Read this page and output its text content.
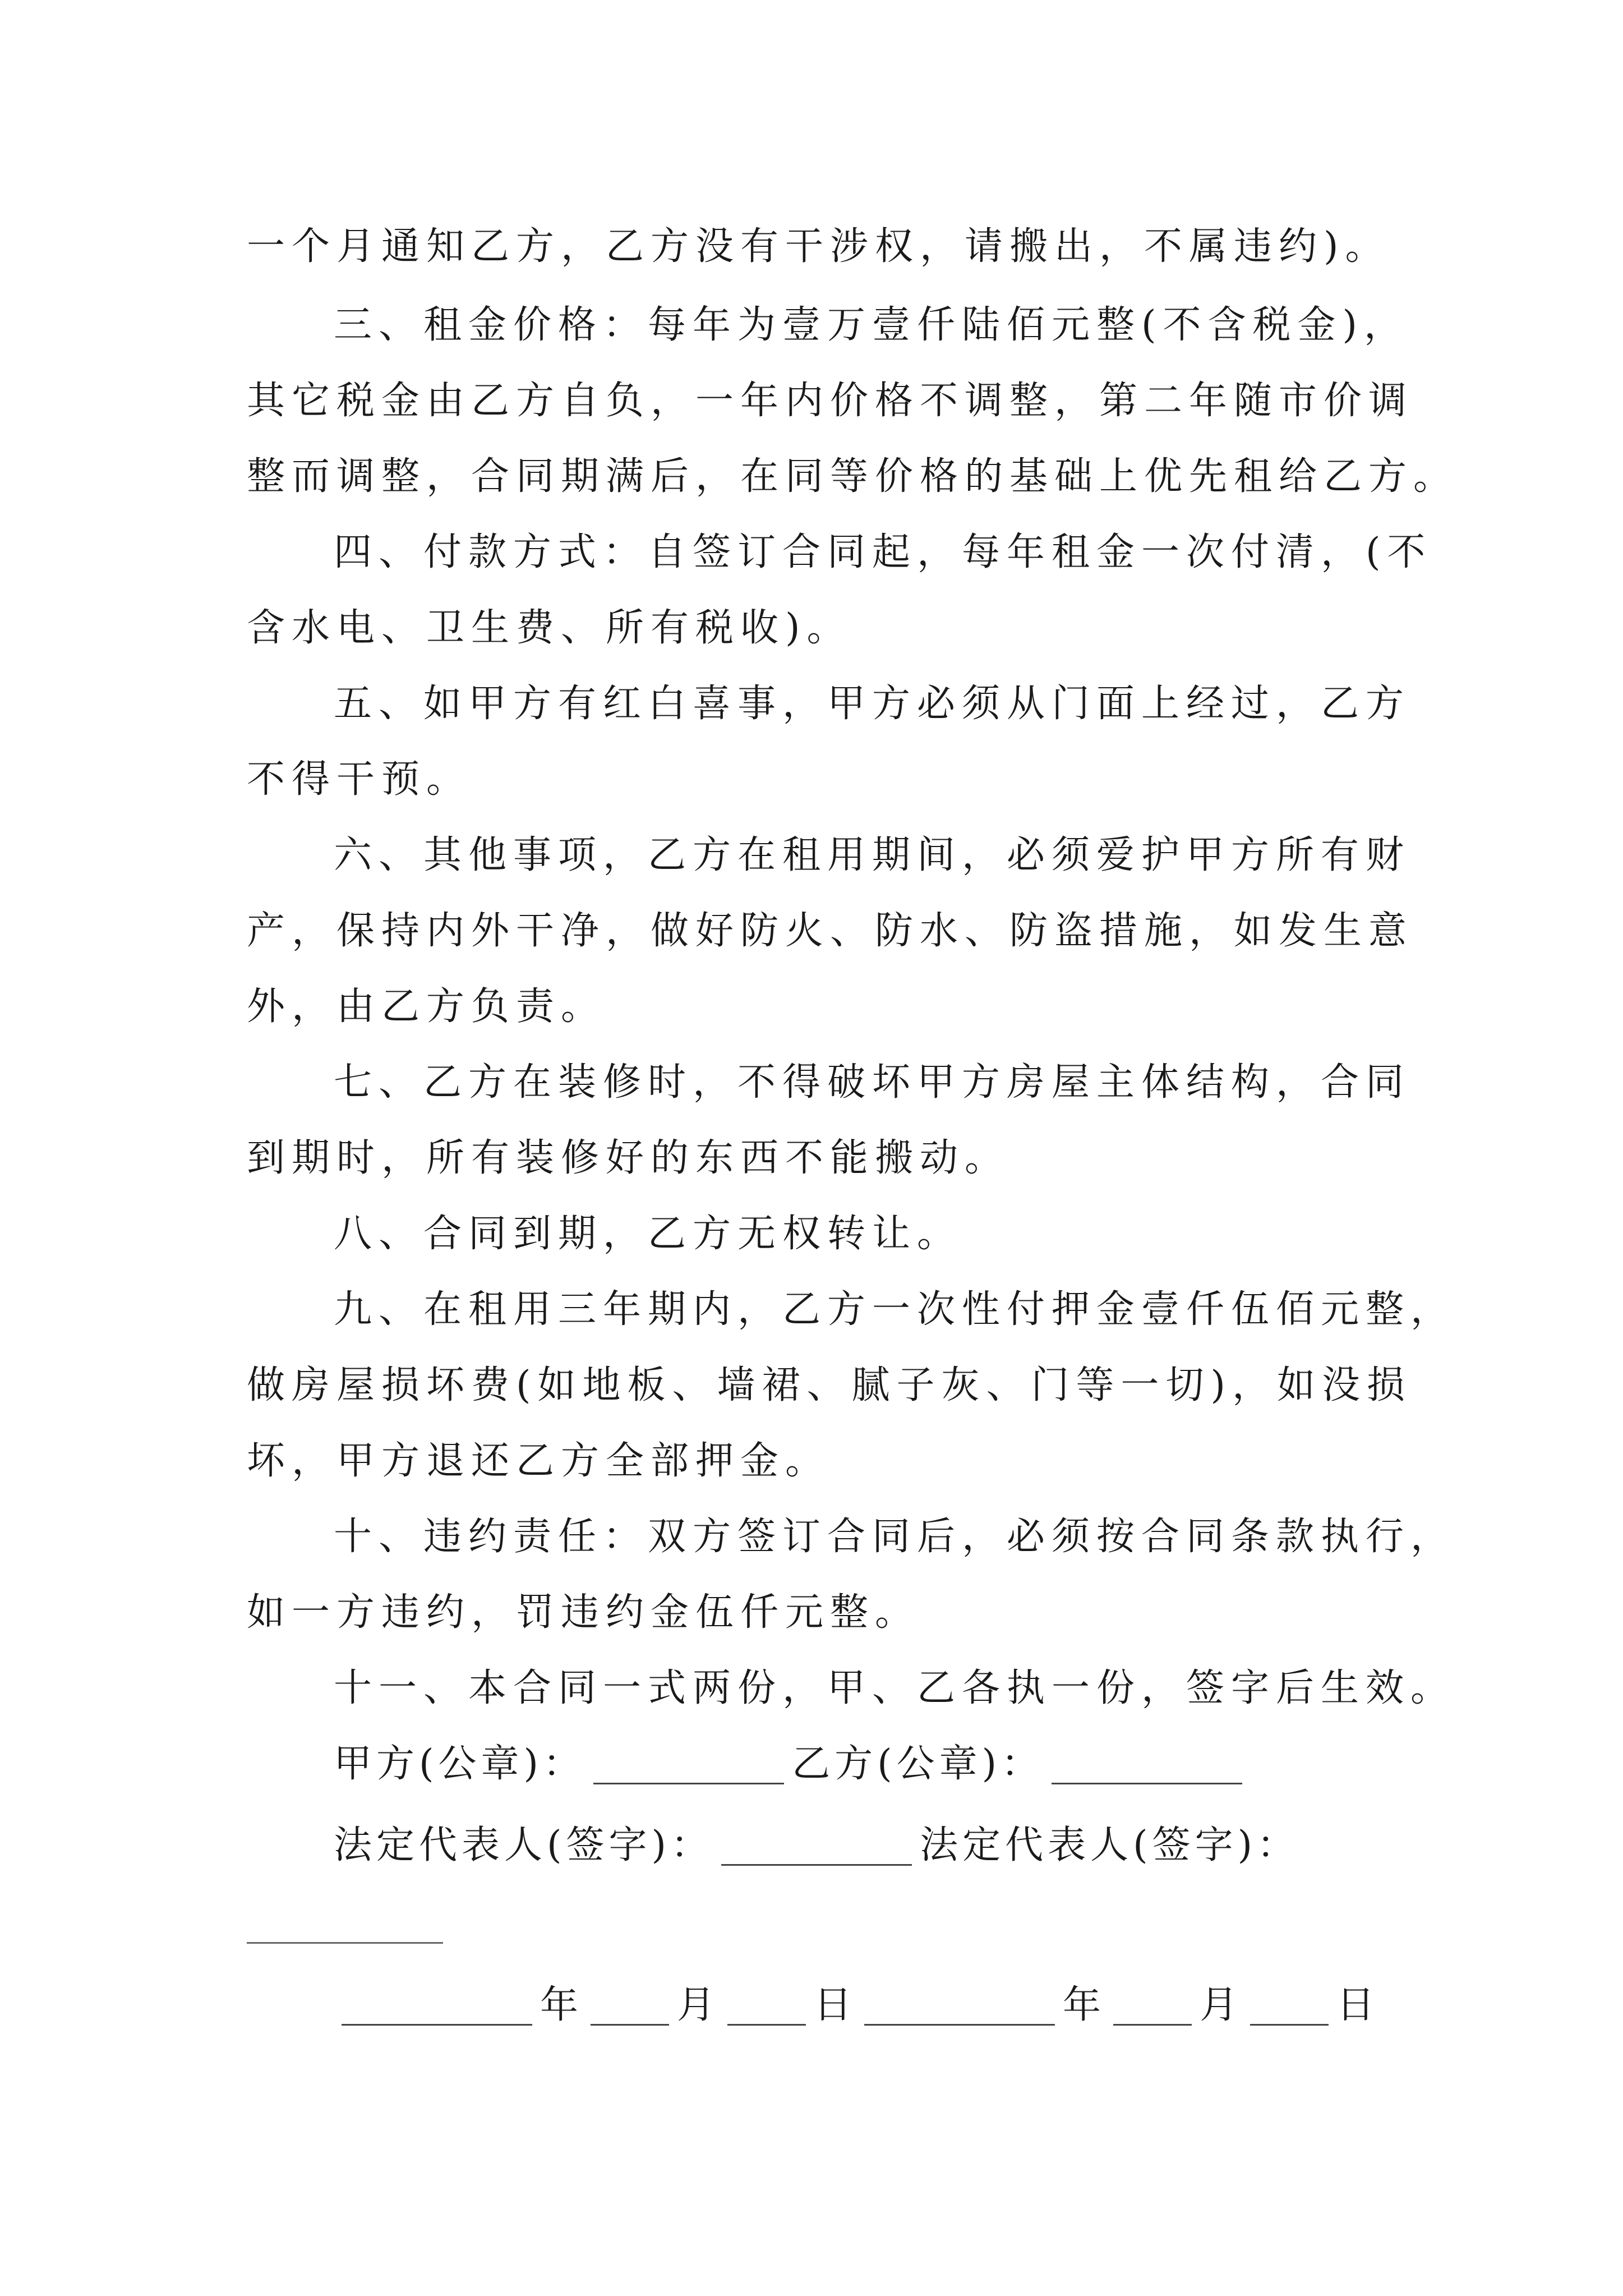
一个月通知乙方，乙方没有干涉权，请搬出，不属违约)。
三、租金价格：每年为壹万壹仟陆佰元整(不含税金)，
其它税金由乙方自负，一年内价格不调整，第二年随市价调
整而调整，合同期满后，在同等价格的基础上优先租给乙方。
四、付款方式：自签订合同起，每年租金一次付清，(不
含水电、卫生费、所有税收)。
五、如甲方有红白喜事，甲方必须从门面上经过，乙方
不得干预。
六、其他事项，乙方在租用期间，必须爱护甲方所有财
产，保持内外干净，做好防火、防水、防盗措施，如发生意
外，由乙方负责。
七、乙方在装修时，不得破坏甲方房屋主体结构，合同
到期时，所有装修好的东西不能搬动。
八、合同到期，乙方无权转让。
九、在租用三年期内，乙方一次性付押金壹仟伍佰元整，
做房屋损坏费(如地板、墙裙、腻子灰、门等一切)，如没损
坏，甲方退还乙方全部押金。
十、违约责任：双方签订合同后，必须按合同条款执行，
如一方违约，罚违约金伍仟元整。
十一、本合同一式两份，甲、乙各执一份，签字后生效。
甲方(公章)：	乙方(公章)：
法定代表人(签字)：	法定代表人(签字)：
年 月 日	年 月 日
